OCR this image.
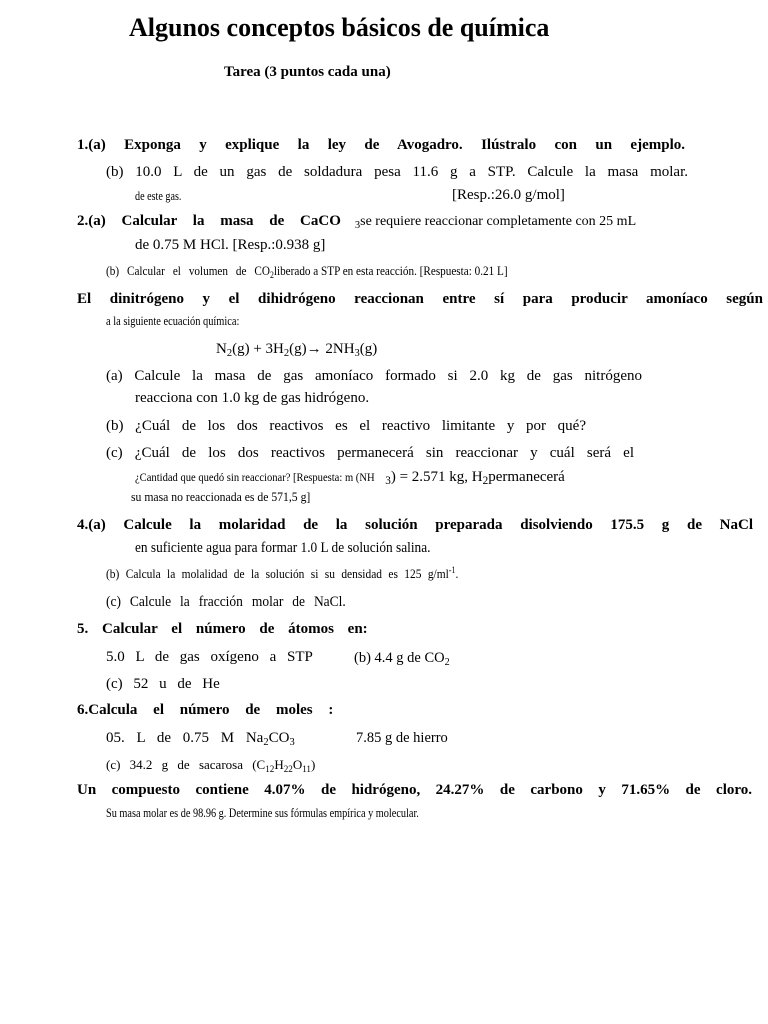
Algunos conceptos básicos de química
Tarea (3 puntos cada una)
1.(a) Exponga y explique la ley de Avogadro. Ilústralo con un ejemplo.
(b) 10.0 L de un gas de soldadura pesa 11.6 g a STP. Calcule la masa molar.
de este gas.	[Resp.:26.0 g/mol]
2.(a) Calcular la masa de CaCO $_3$se requiere reaccionar completamente con 25 mL
de 0.75 M HCl. [Resp.:0.938 g]
(b) Calcular el volumen de $CO_2liberado$ a STP en esta reacción. [Respuesta: 0.21 L]
El dinitrógeno y el dihidrógeno reaccionan entre sí para producir amoníaco según
a la siguiente ecuación química:
$N_2(g) + 3H_2(g)\to 2NH_3(g)$
(a) Calcule la masa de gas amoníaco formado si 2.0 kg de gas nitrógeno
reacciona con 1.0 kg de gas hidrógeno.
(b) ¿Cuál de los dos reactivos es el reactivo limitante y por qué?
(c) ¿Cuál de los dos reactivos permanecerá sin reaccionar y cuál será el
¿Cantidad que quedó sin reaccionar? [Respuesta: m (NH $_3$) = 2.571 kg, $H_2permanecerá$
su masa no reaccionada es de 571,5 g]
4.(a) Calcule la molaridad de la solución preparada disolviendo 175.5 g de NaCl
en suficiente agua para formar 1.0 L de solución salina.
(b) Calcula la molalidad de la solución si su densidad es 125 $g/ml^{-1}$.
(c) Calcule la fracción molar de NaCl.
5. Calcular el número de átomos en:
5.0 L de gas oxígeno a STP	(b) 4.4 g de $CO_2$
(c) 52 u de He
6.Calcula el número de moles :
05. L de 0.75 M $Na_2CO_3$	7.85 g de hierro
(c) 34.2 g de sacarosa $(C_{12}H_{22}O_{11})$
Un compuesto contiene 4.07% de hidrógeno, 24.27% de carbono y 71.65% de cloro.
Su masa molar es de 98.96 g. Determine sus fórmulas empírica y molecular.
